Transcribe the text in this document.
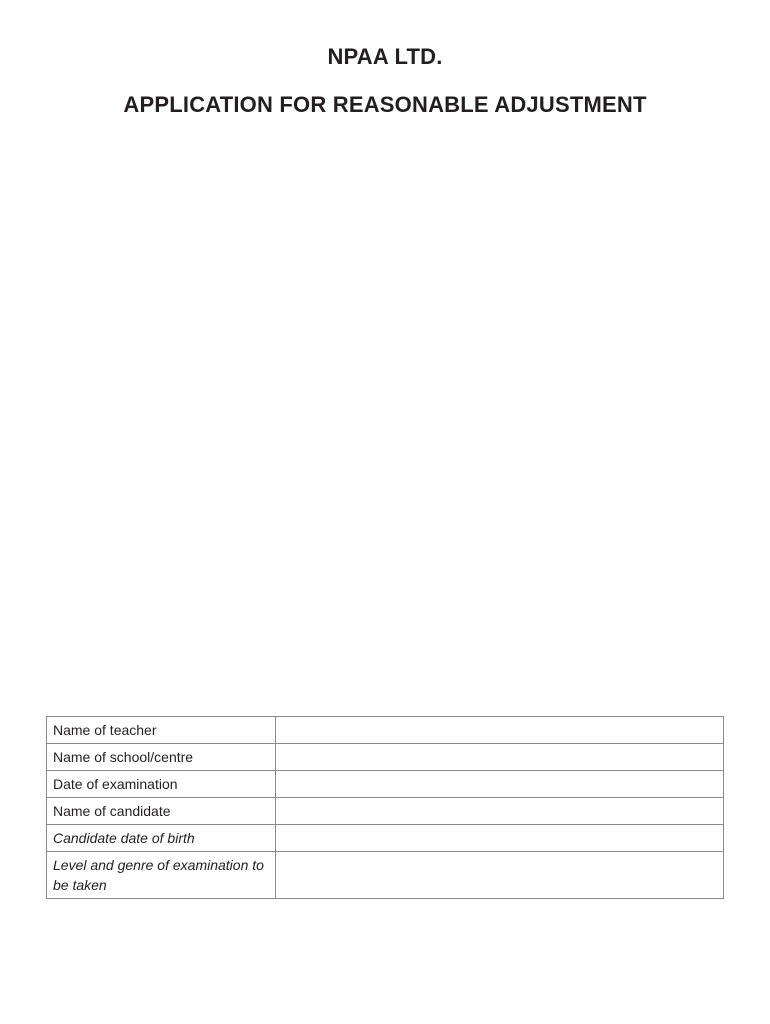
NPAA LTD.
APPLICATION FOR REASONABLE ADJUSTMENT
Name of teacher	
Name of school/centre	
Date of examination	
Name of candidate	
Candidate date of birth	
Level and genre of examination to be taken	
